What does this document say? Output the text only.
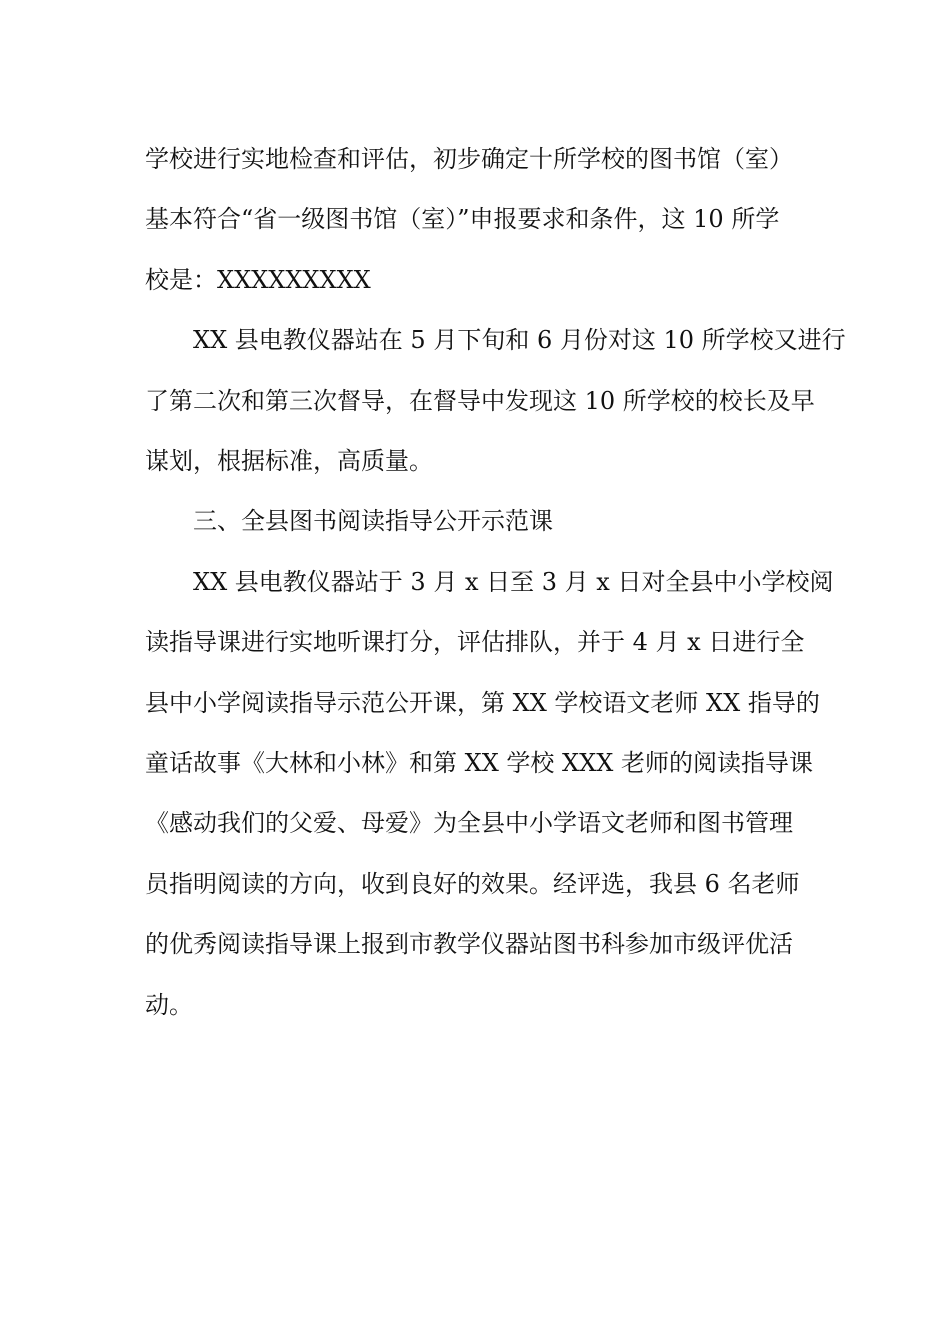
学校进行实地检查和评估，初步确定十所学校的图书馆（室）

基本符合“省一级图书馆（室）”申报要求和条件，这 10 所学

校是：XXXXXXXXX

XX 县电教仪器站在 5 月下旬和 6 月份对这 10 所学校又进行

了第二次和第三次督导，在督导中发现这 10 所学校的校长及早

谋划，根据标准，高质量。

三、全县图书阅读指导公开示范课

XX 县电教仪器站于 3 月 x 日至 3 月 x 日对全县中小学校阅

读指导课进行实地听课打分，评估排队，并于 4 月 x 日进行全

县中小学阅读指导示范公开课，第 XX 学校语文老师 XX 指导的

童话故事《大林和小林》和第 XX 学校 XXX 老师的阅读指导课

《感动我们的父爱、母爱》为全县中小学语文老师和图书管理

员指明阅读的方向，收到良好的效果。经评选，我县 6 名老师

的优秀阅读指导课上报到市教学仪器站图书科参加市级评优活

动。
